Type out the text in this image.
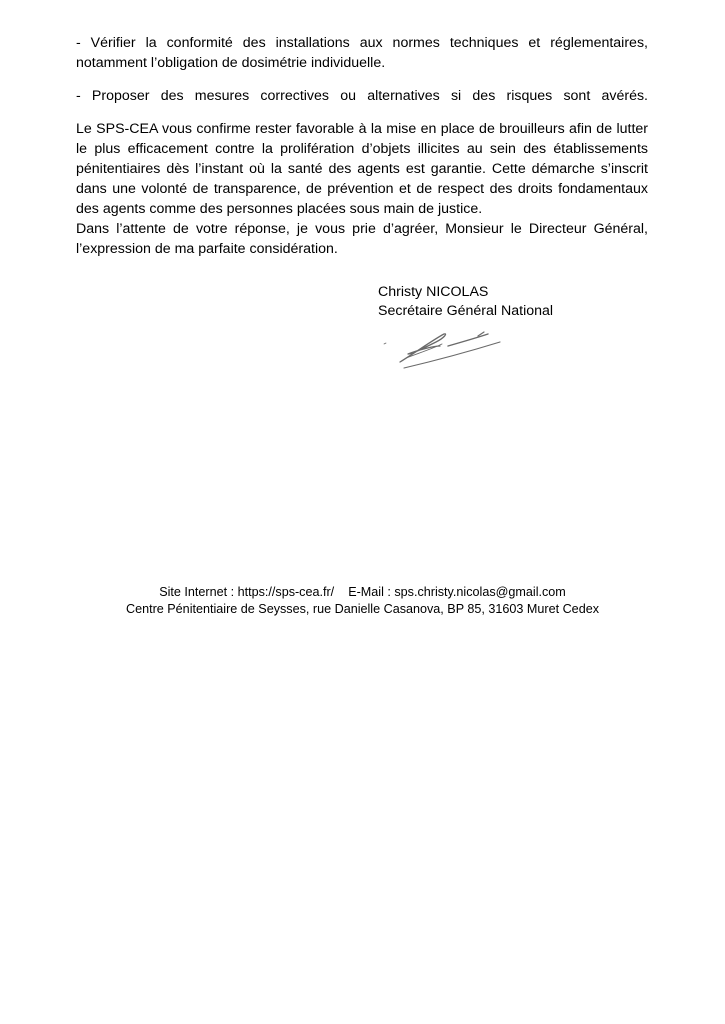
- Vérifier la conformité des installations aux normes techniques et réglementaires, notamment l’obligation de dosimétrie individuelle.

- Proposer des mesures correctives ou alternatives si des risques sont avérés.

Le SPS-CEA vous confirme rester favorable à la mise en place de brouilleurs afin de lutter le plus efficacement contre la prolifération d’objets illicites au sein des établissements pénitentiaires dès l’instant où la santé des agents est garantie. Cette démarche s’inscrit dans une volonté de transparence, de prévention et de respect des droits fondamentaux des agents comme des personnes placées sous main de justice.

Dans l’attente de votre réponse, je vous prie d’agréer, Monsieur le Directeur Général, l’expression de ma parfaite considération.

Christy NICOLAS
Secrétaire Général National
Site Internet : https://sps-cea.fr/ E-Mail : sps.christy.nicolas@gmail.com
Centre Pénitentiaire de Seysses, rue Danielle Casanova, BP 85, 31603 Muret Cedex
